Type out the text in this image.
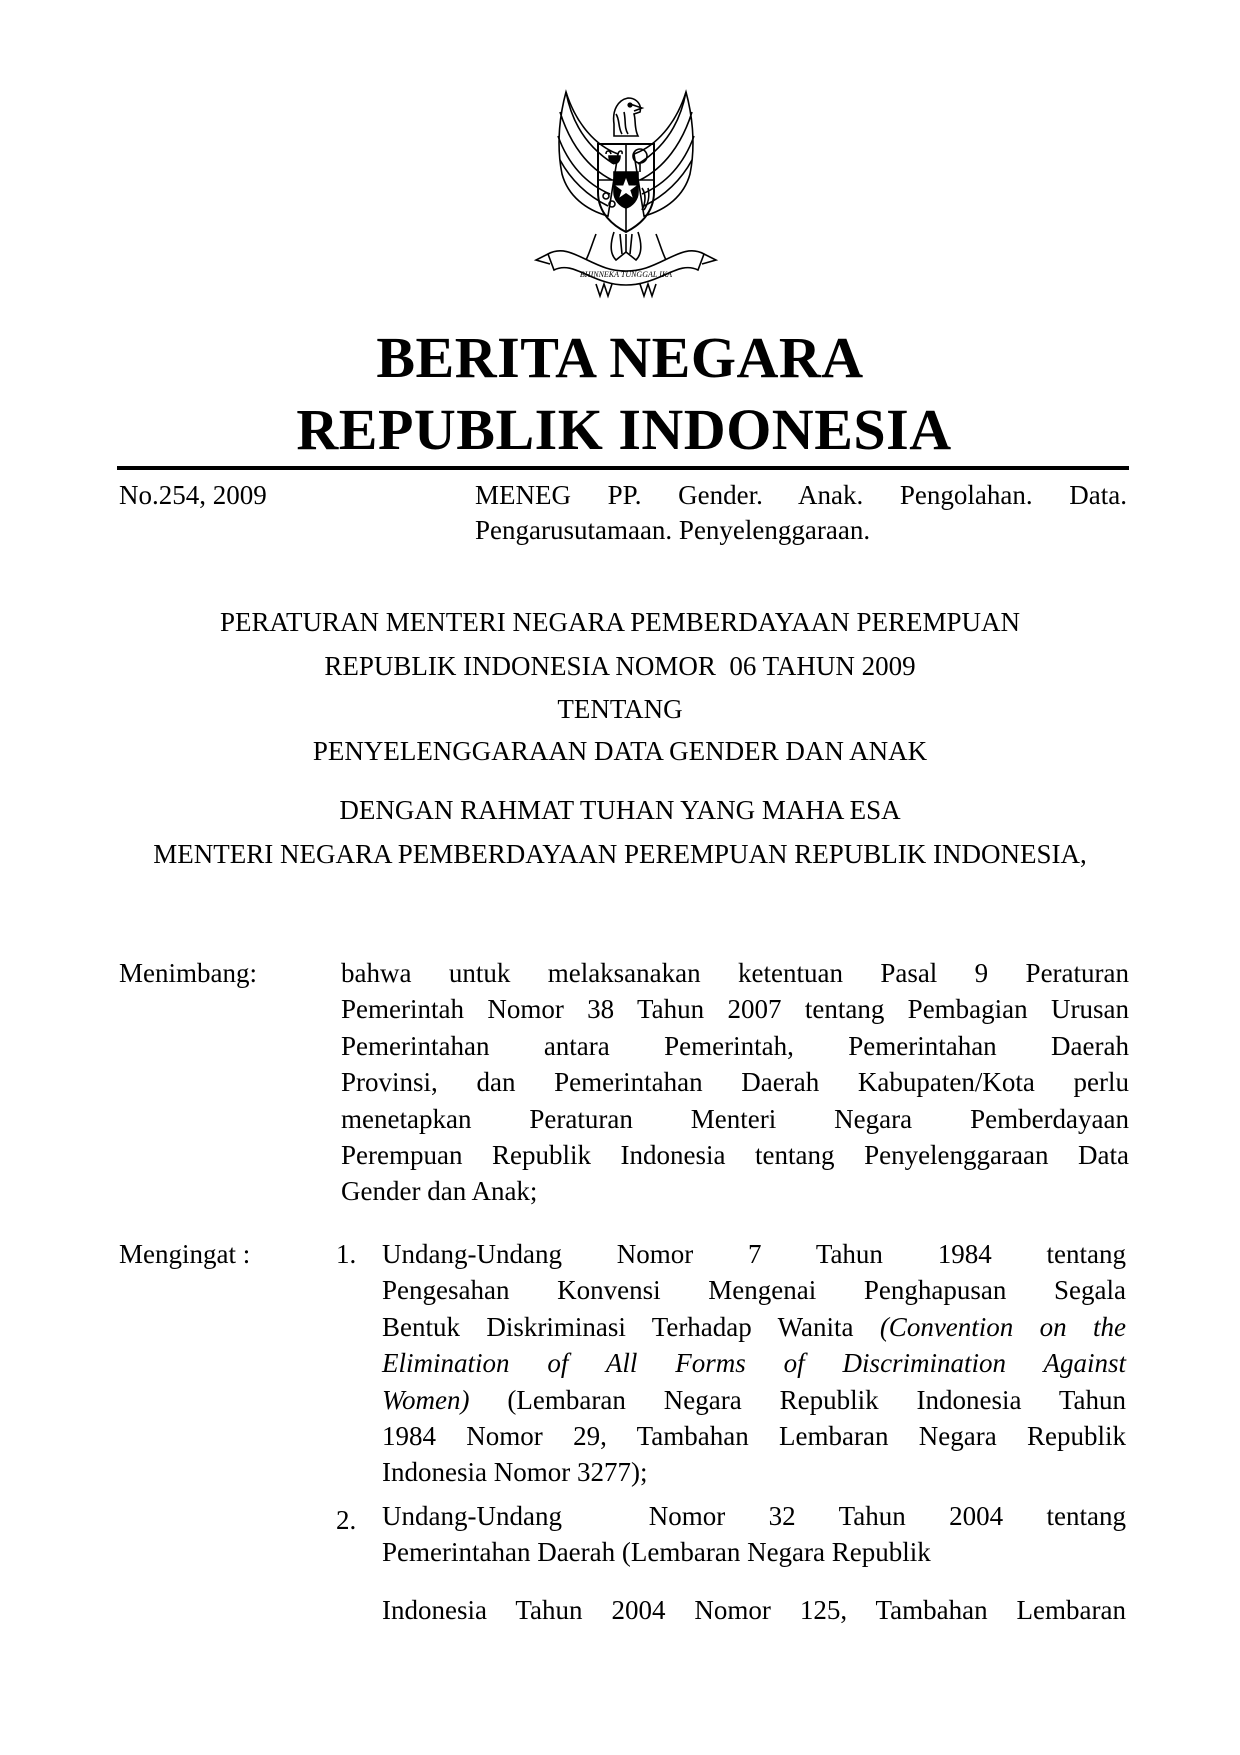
BHINNEKA TUNGGAL IKA
BERITA NEGARA
REPUBLIK INDONESIA
No.254, 2009	MENEG PP. Gender. Anak. Pengolahan. Data.
Pengarusutamaan. Penyelenggaraan.
PERATURAN MENTERI NEGARA PEMBERDAYAAN PEREMPUAN
REPUBLIK INDONESIA NOMOR  06 TAHUN 2009
TENTANG
PENYELENGGARAAN DATA GENDER DAN ANAK
DENGAN RAHMAT TUHAN YANG MAHA ESA
MENTERI NEGARA PEMBERDAYAAN PEREMPUAN REPUBLIK INDONESIA,
Menimbang:	bahwa untuk melaksanakan ketentuan Pasal 9 Peraturan
Pemerintah Nomor 38 Tahun 2007 tentang Pembagian Urusan
Pemerintahan antara Pemerintah, Pemerintahan Daerah
Provinsi, dan Pemerintahan Daerah Kabupaten/Kota perlu
menetapkan Peraturan Menteri Negara Pemberdayaan
Perempuan Republik Indonesia tentang Penyelenggaraan Data
Gender dan Anak;
Mengingat :	1. Undang-Undang Nomor 7 Tahun 1984 tentang
Pengesahan Konvensi Mengenai Penghapusan Segala
Bentuk Diskriminasi Terhadap Wanita (Convention on the
Elimination of All Forms of Discrimination Against
Women) (Lembaran Negara Republik Indonesia Tahun
1984 Nomor 29, Tambahan Lembaran Negara Republik
Indonesia Nomor 3277);
2. Undang-Undang  Nomor 32 Tahun 2004 tentang
Pemerintahan Daerah (Lembaran Negara Republik
Indonesia Tahun 2004 Nomor 125, Tambahan Lembaran
